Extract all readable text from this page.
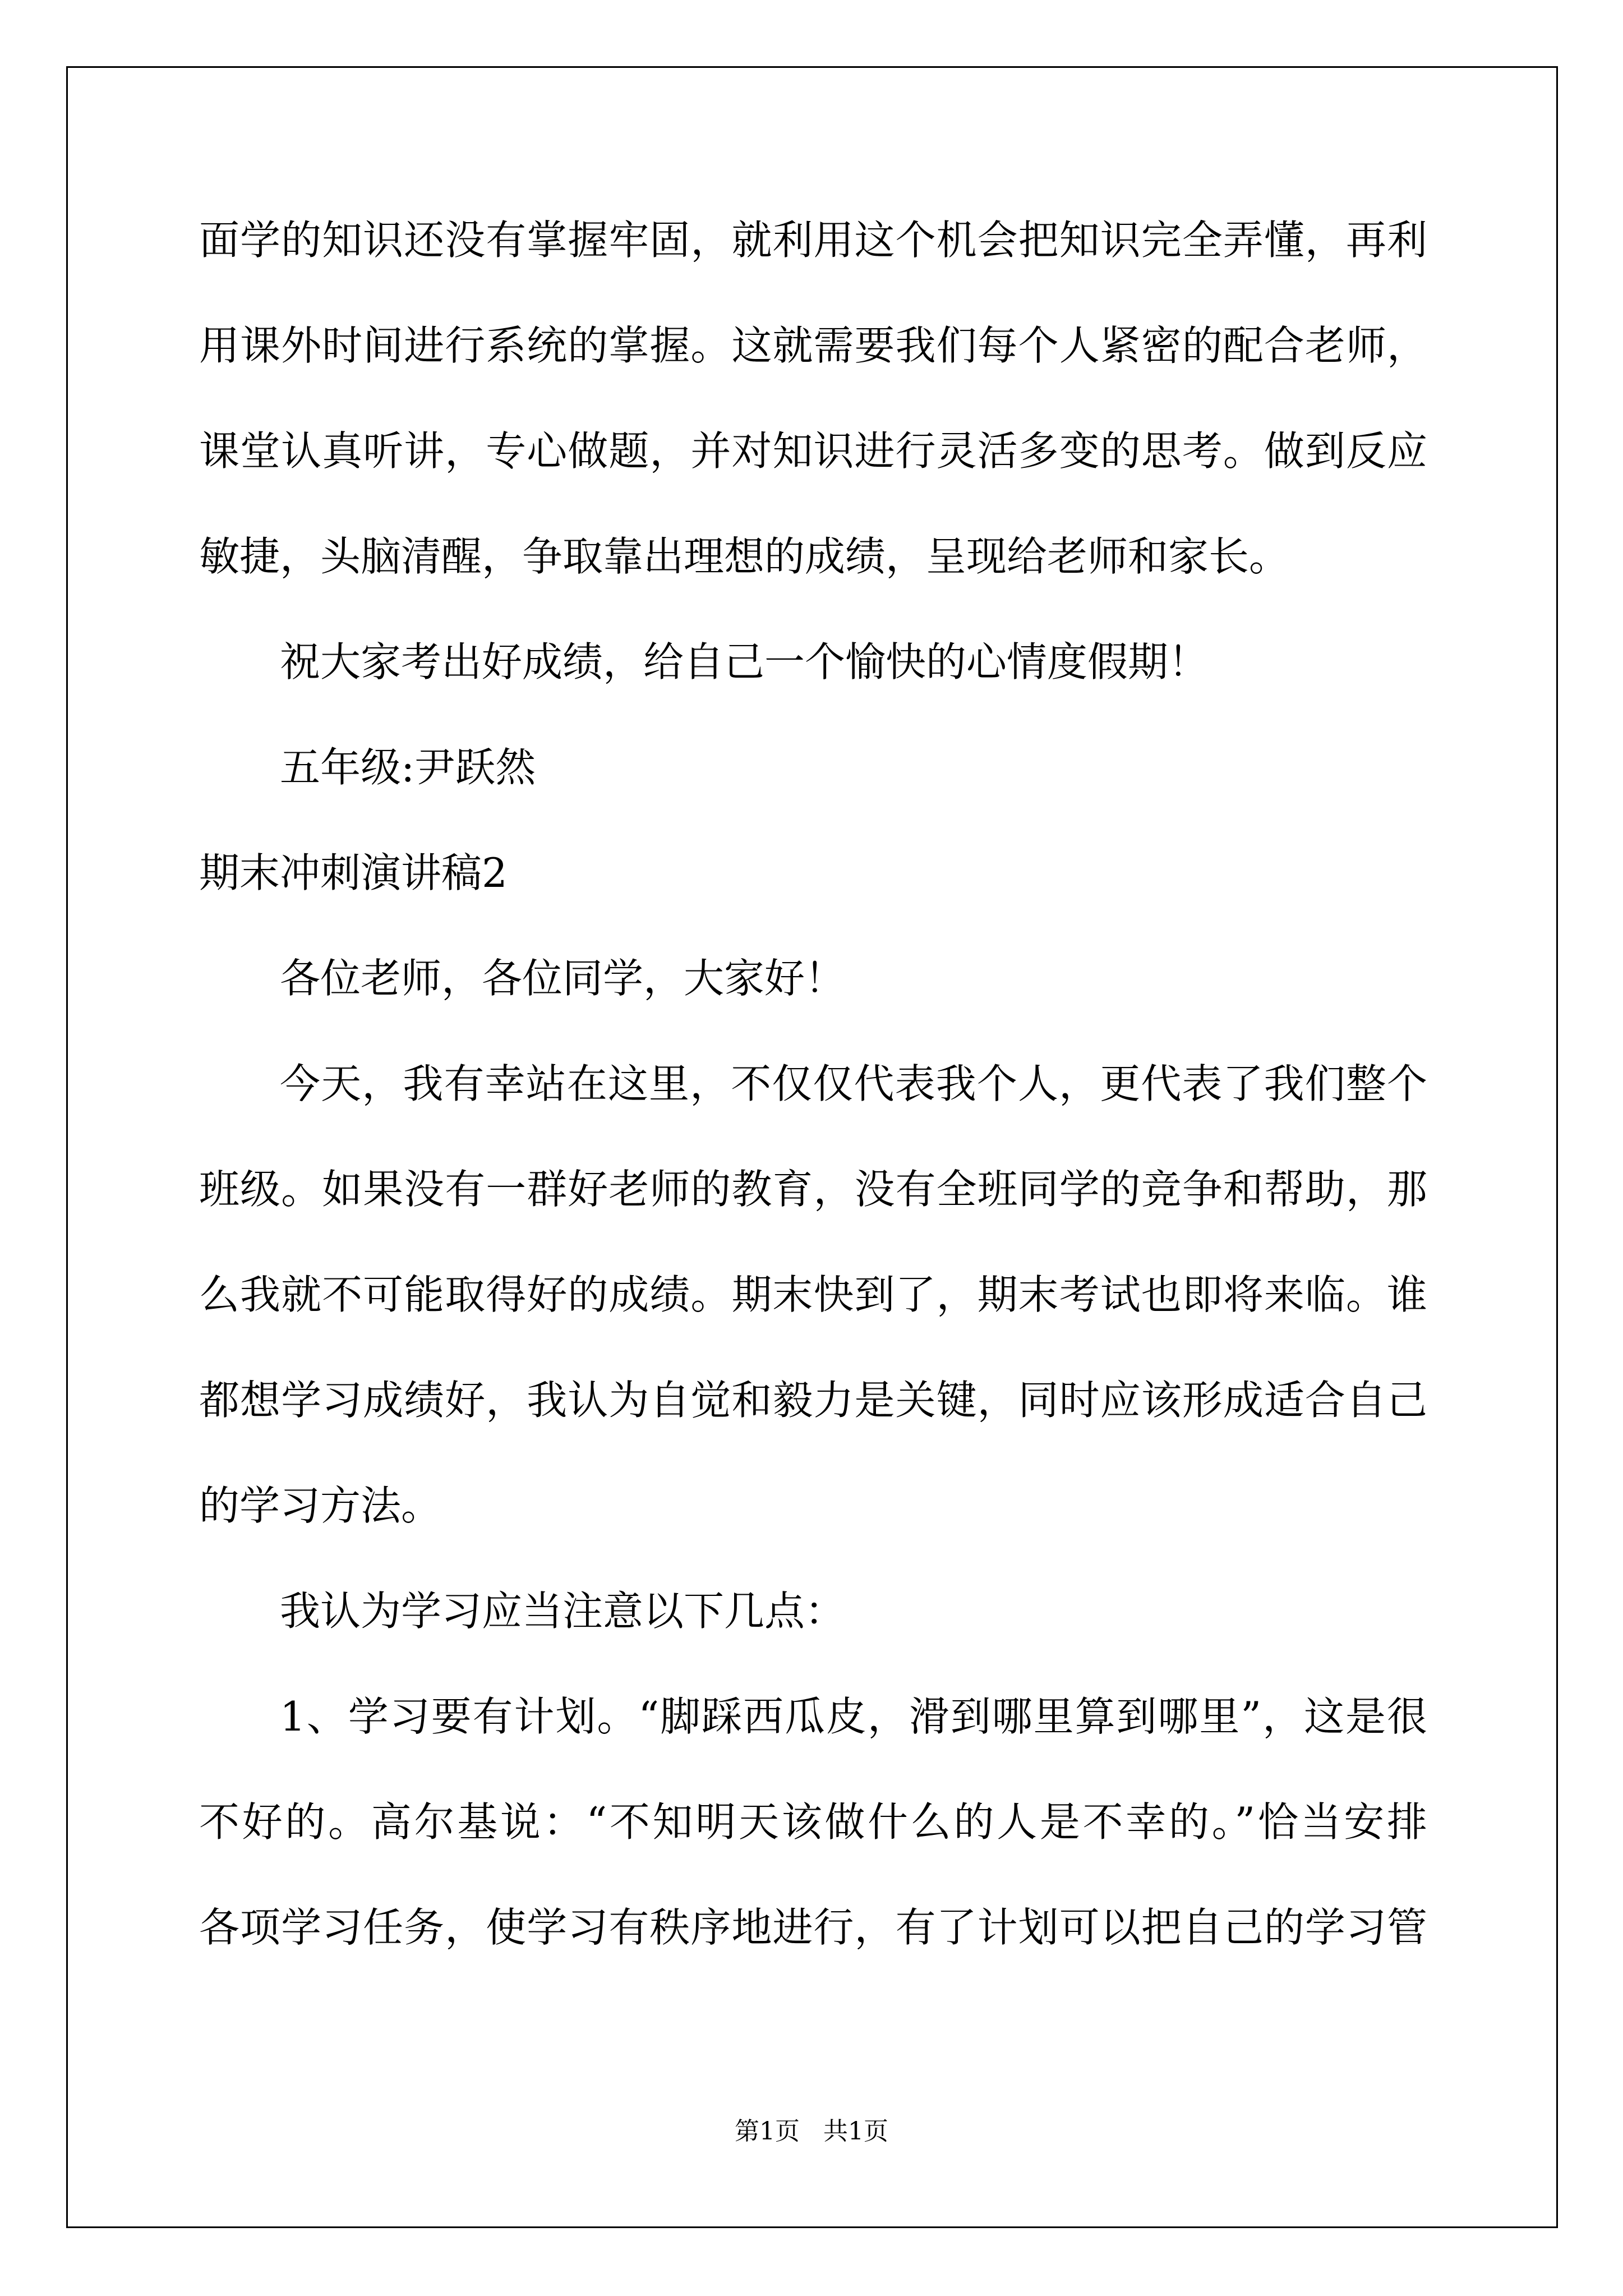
面学的知识还没有掌握牢固，就利用这个机会把知识完全弄懂，再利
用课外时间进行系统的掌握。这就需要我们每个人紧密的配合老师，
课堂认真听讲，专心做题，并对知识进行灵活多变的思考。做到反应
敏捷，头脑清醒，争取靠出理想的成绩，呈现给老师和家长。
祝大家考出好成绩，给自己一个愉快的心情度假期！
五年级:尹跃然
期末冲刺演讲稿2
各位老师，各位同学，大家好！
今天，我有幸站在这里，不仅仅代表我个人，更代表了我们整个
班级。如果没有一群好老师的教育，没有全班同学的竞争和帮助，那
么我就不可能取得好的成绩。期末快到了，期末考试也即将来临。谁
都想学习成绩好，我认为自觉和毅力是关键，同时应该形成适合自己
的学习方法。
我认为学习应当注意以下几点：
1、学习要有计划。“脚踩西瓜皮，滑到哪里算到哪里”，这是很
不好的。高尔基说：“不知明天该做什么的人是不幸的。”恰当安排
各项学习任务，使学习有秩序地进行，有了计划可以把自己的学习管
第1页 共1页
